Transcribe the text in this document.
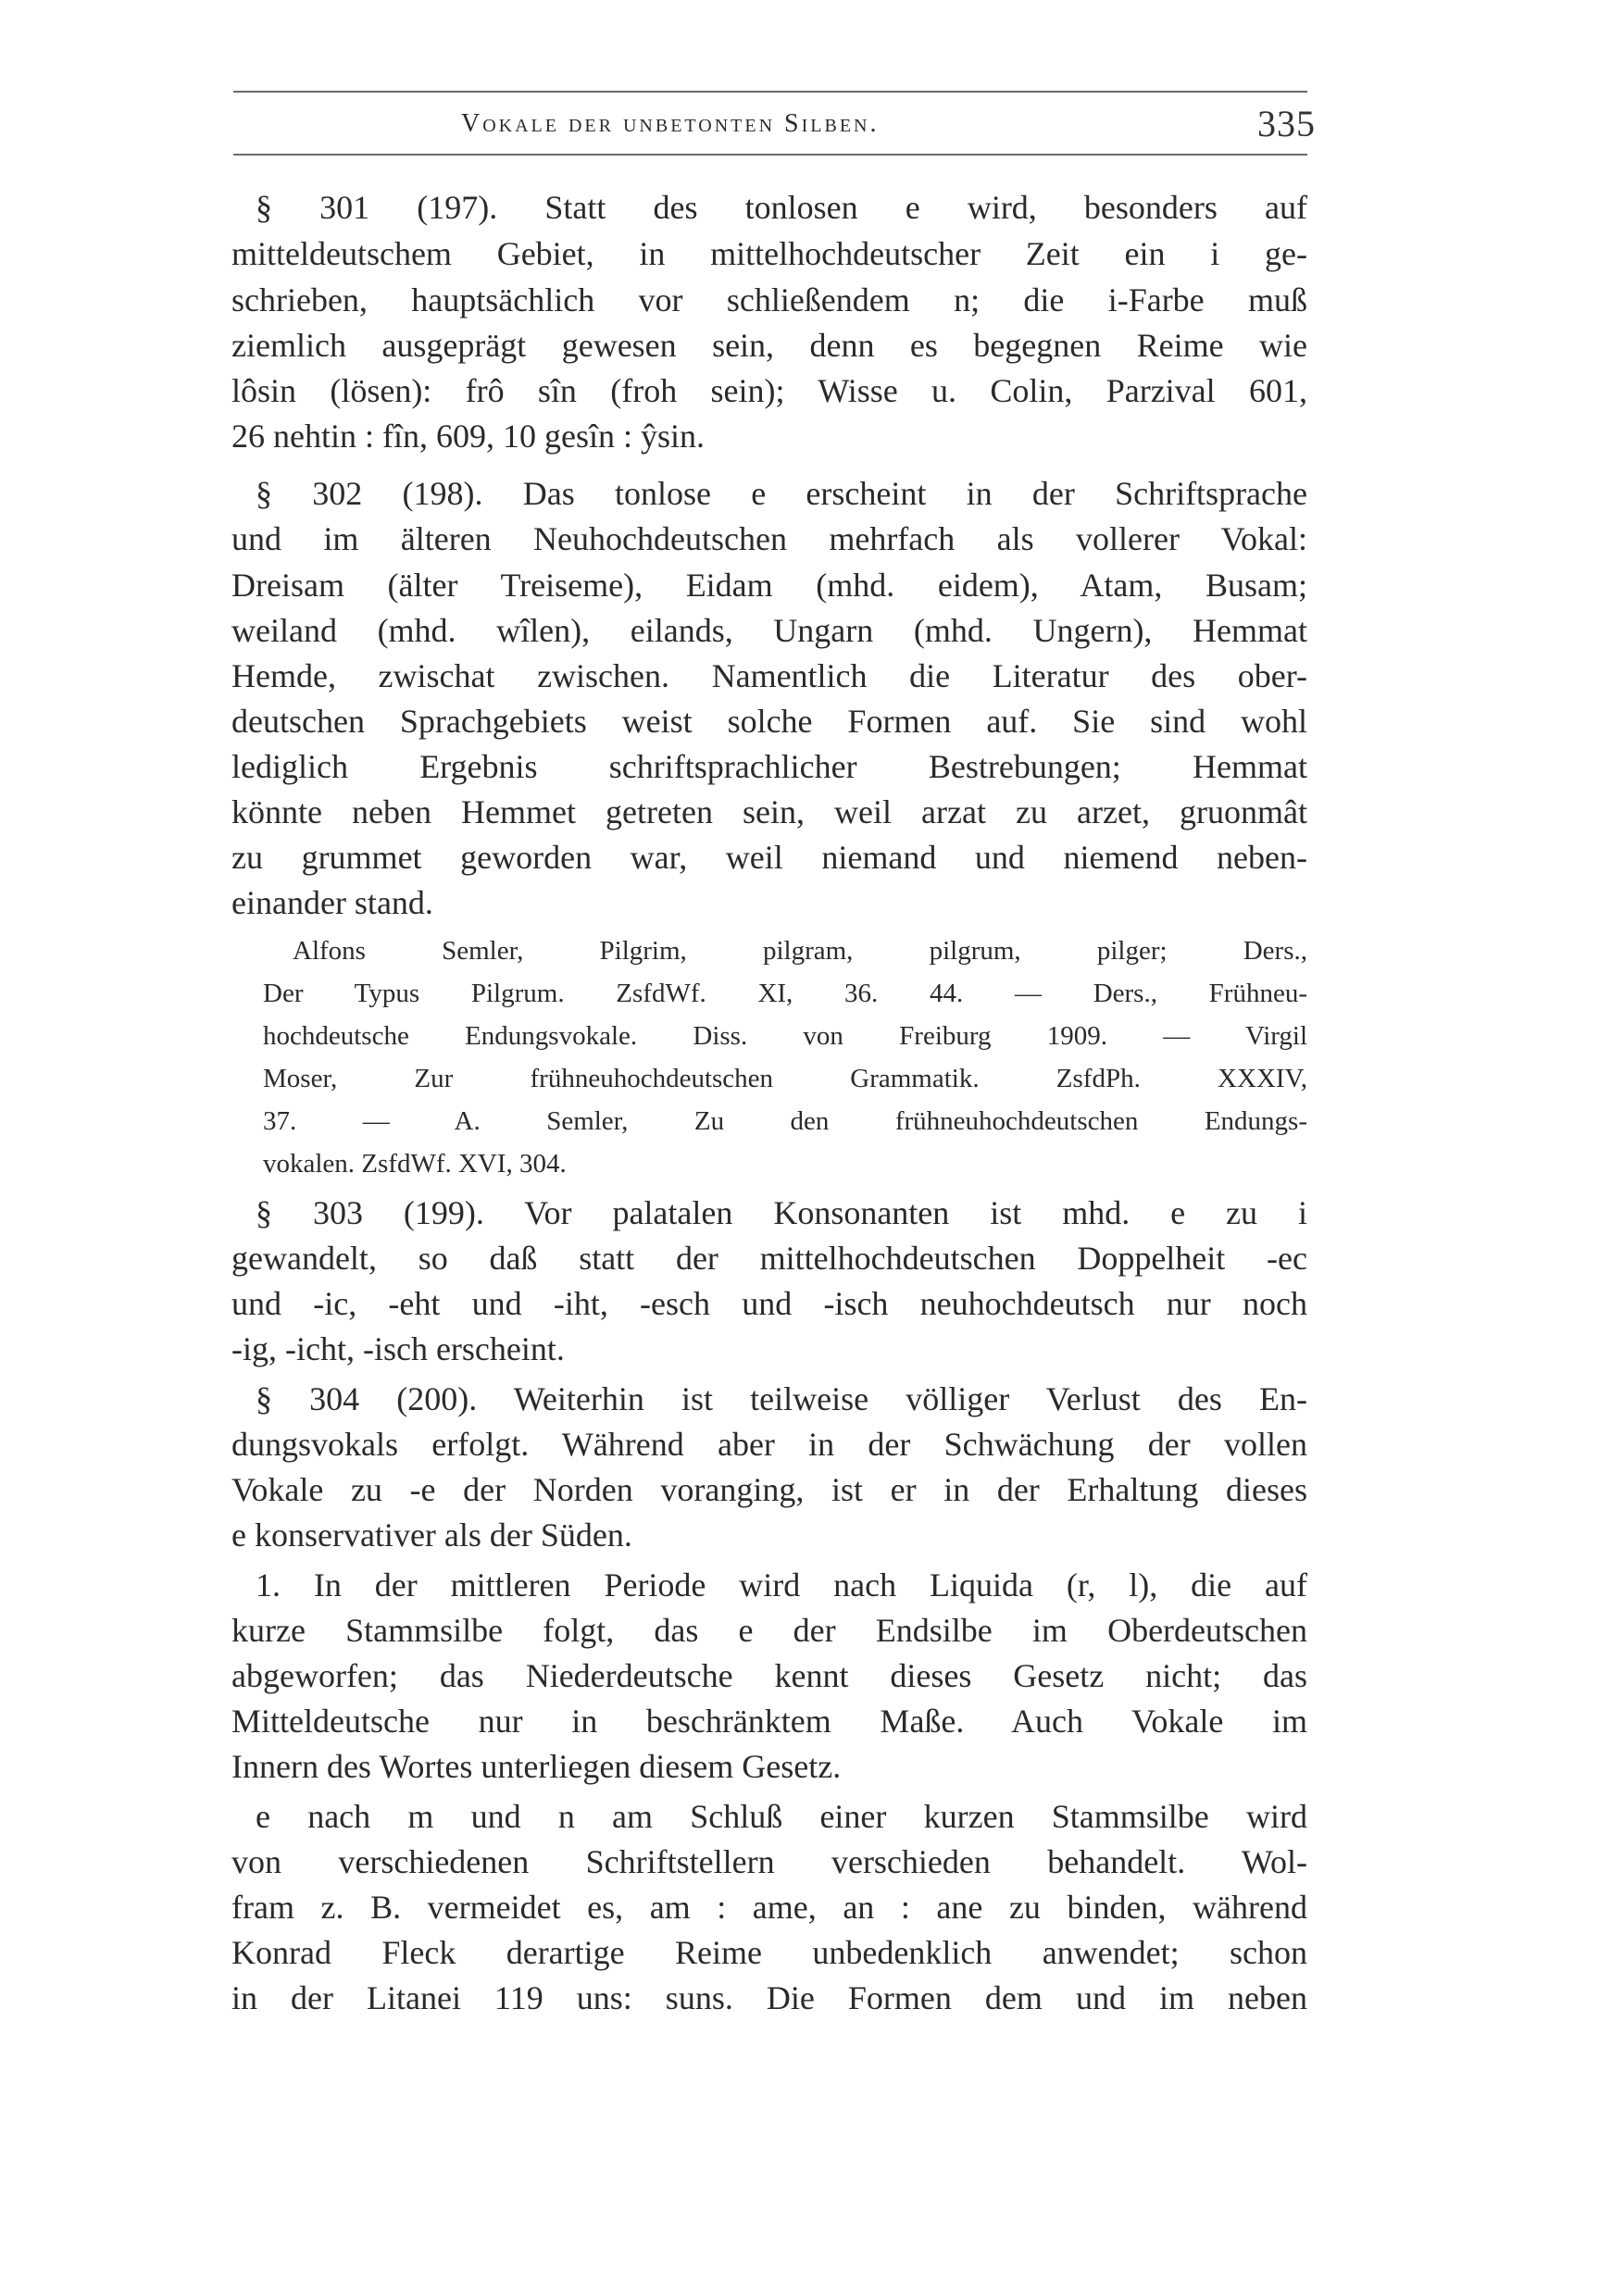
Vokale der unbetonten Silben.	335
§ 301 (197). Statt des tonlosen e wird, besonders auf
mitteldeutschem Gebiet, in mittelhochdeutscher Zeit ein i ge-
schrieben, hauptsächlich vor schließendem n; die i-Farbe muß
ziemlich ausgeprägt gewesen sein, denn es begegnen Reime wie
lôsin (lösen): frô sîn (froh sein); Wisse u. Colin, Parzival 601,
26 nehtin : fîn, 609, 10 gesîn : ŷsin.
§ 302 (198). Das tonlose e erscheint in der Schriftsprache
und im älteren Neuhochdeutschen mehrfach als vollerer Vokal:
Dreisam (älter Treiseme), Eidam (mhd. eidem), Atam, Busam;
weiland (mhd. wîlen), eilands, Ungarn (mhd. Ungern), Hemmat
Hemde, zwischat zwischen. Namentlich die Literatur des ober-
deutschen Sprachgebiets weist solche Formen auf. Sie sind wohl
lediglich Ergebnis schriftsprachlicher Bestrebungen; Hemmat
könnte neben Hemmet getreten sein, weil arzat zu arzet, gruonmât
zu grummet geworden war, weil niemand und niemend neben-
einander stand.
Alfons Semler, Pilgrim, pilgram, pilgrum, pilger; Ders.,
Der Typus Pilgrum. ZsfdWf. XI, 36. 44. — Ders., Frühneu-
hochdeutsche Endungsvokale. Diss. von Freiburg 1909. — Virgil
Moser, Zur frühneuhochdeutschen Grammatik. ZsfdPh. XXXIV,
37. — A. Semler, Zu den frühneuhochdeutschen Endungs-
vokalen. ZsfdWf. XVI, 304.
§ 303 (199). Vor palatalen Konsonanten ist mhd. e zu i
gewandelt, so daß statt der mittelhochdeutschen Doppelheit -ec
und -ic, -eht und -iht, -esch und -isch neuhochdeutsch nur noch
-ig, -icht, -isch erscheint.
§ 304 (200). Weiterhin ist teilweise völliger Verlust des En-
dungsvokals erfolgt. Während aber in der Schwächung der vollen
Vokale zu -e der Norden voranging, ist er in der Erhaltung dieses
e konservativer als der Süden.
1. In der mittleren Periode wird nach Liquida (r, l), die auf
kurze Stammsilbe folgt, das e der Endsilbe im Oberdeutschen
abgeworfen; das Niederdeutsche kennt dieses Gesetz nicht; das
Mitteldeutsche nur in beschränktem Maße. Auch Vokale im
Innern des Wortes unterliegen diesem Gesetz.
e nach m und n am Schluß einer kurzen Stammsilbe wird
von verschiedenen Schriftstellern verschieden behandelt. Wol-
fram z. B. vermeidet es, am : ame, an : ane zu binden, während
Konrad Fleck derartige Reime unbedenklich anwendet; schon
in der Litanei 119 uns: suns. Die Formen dem und im neben
